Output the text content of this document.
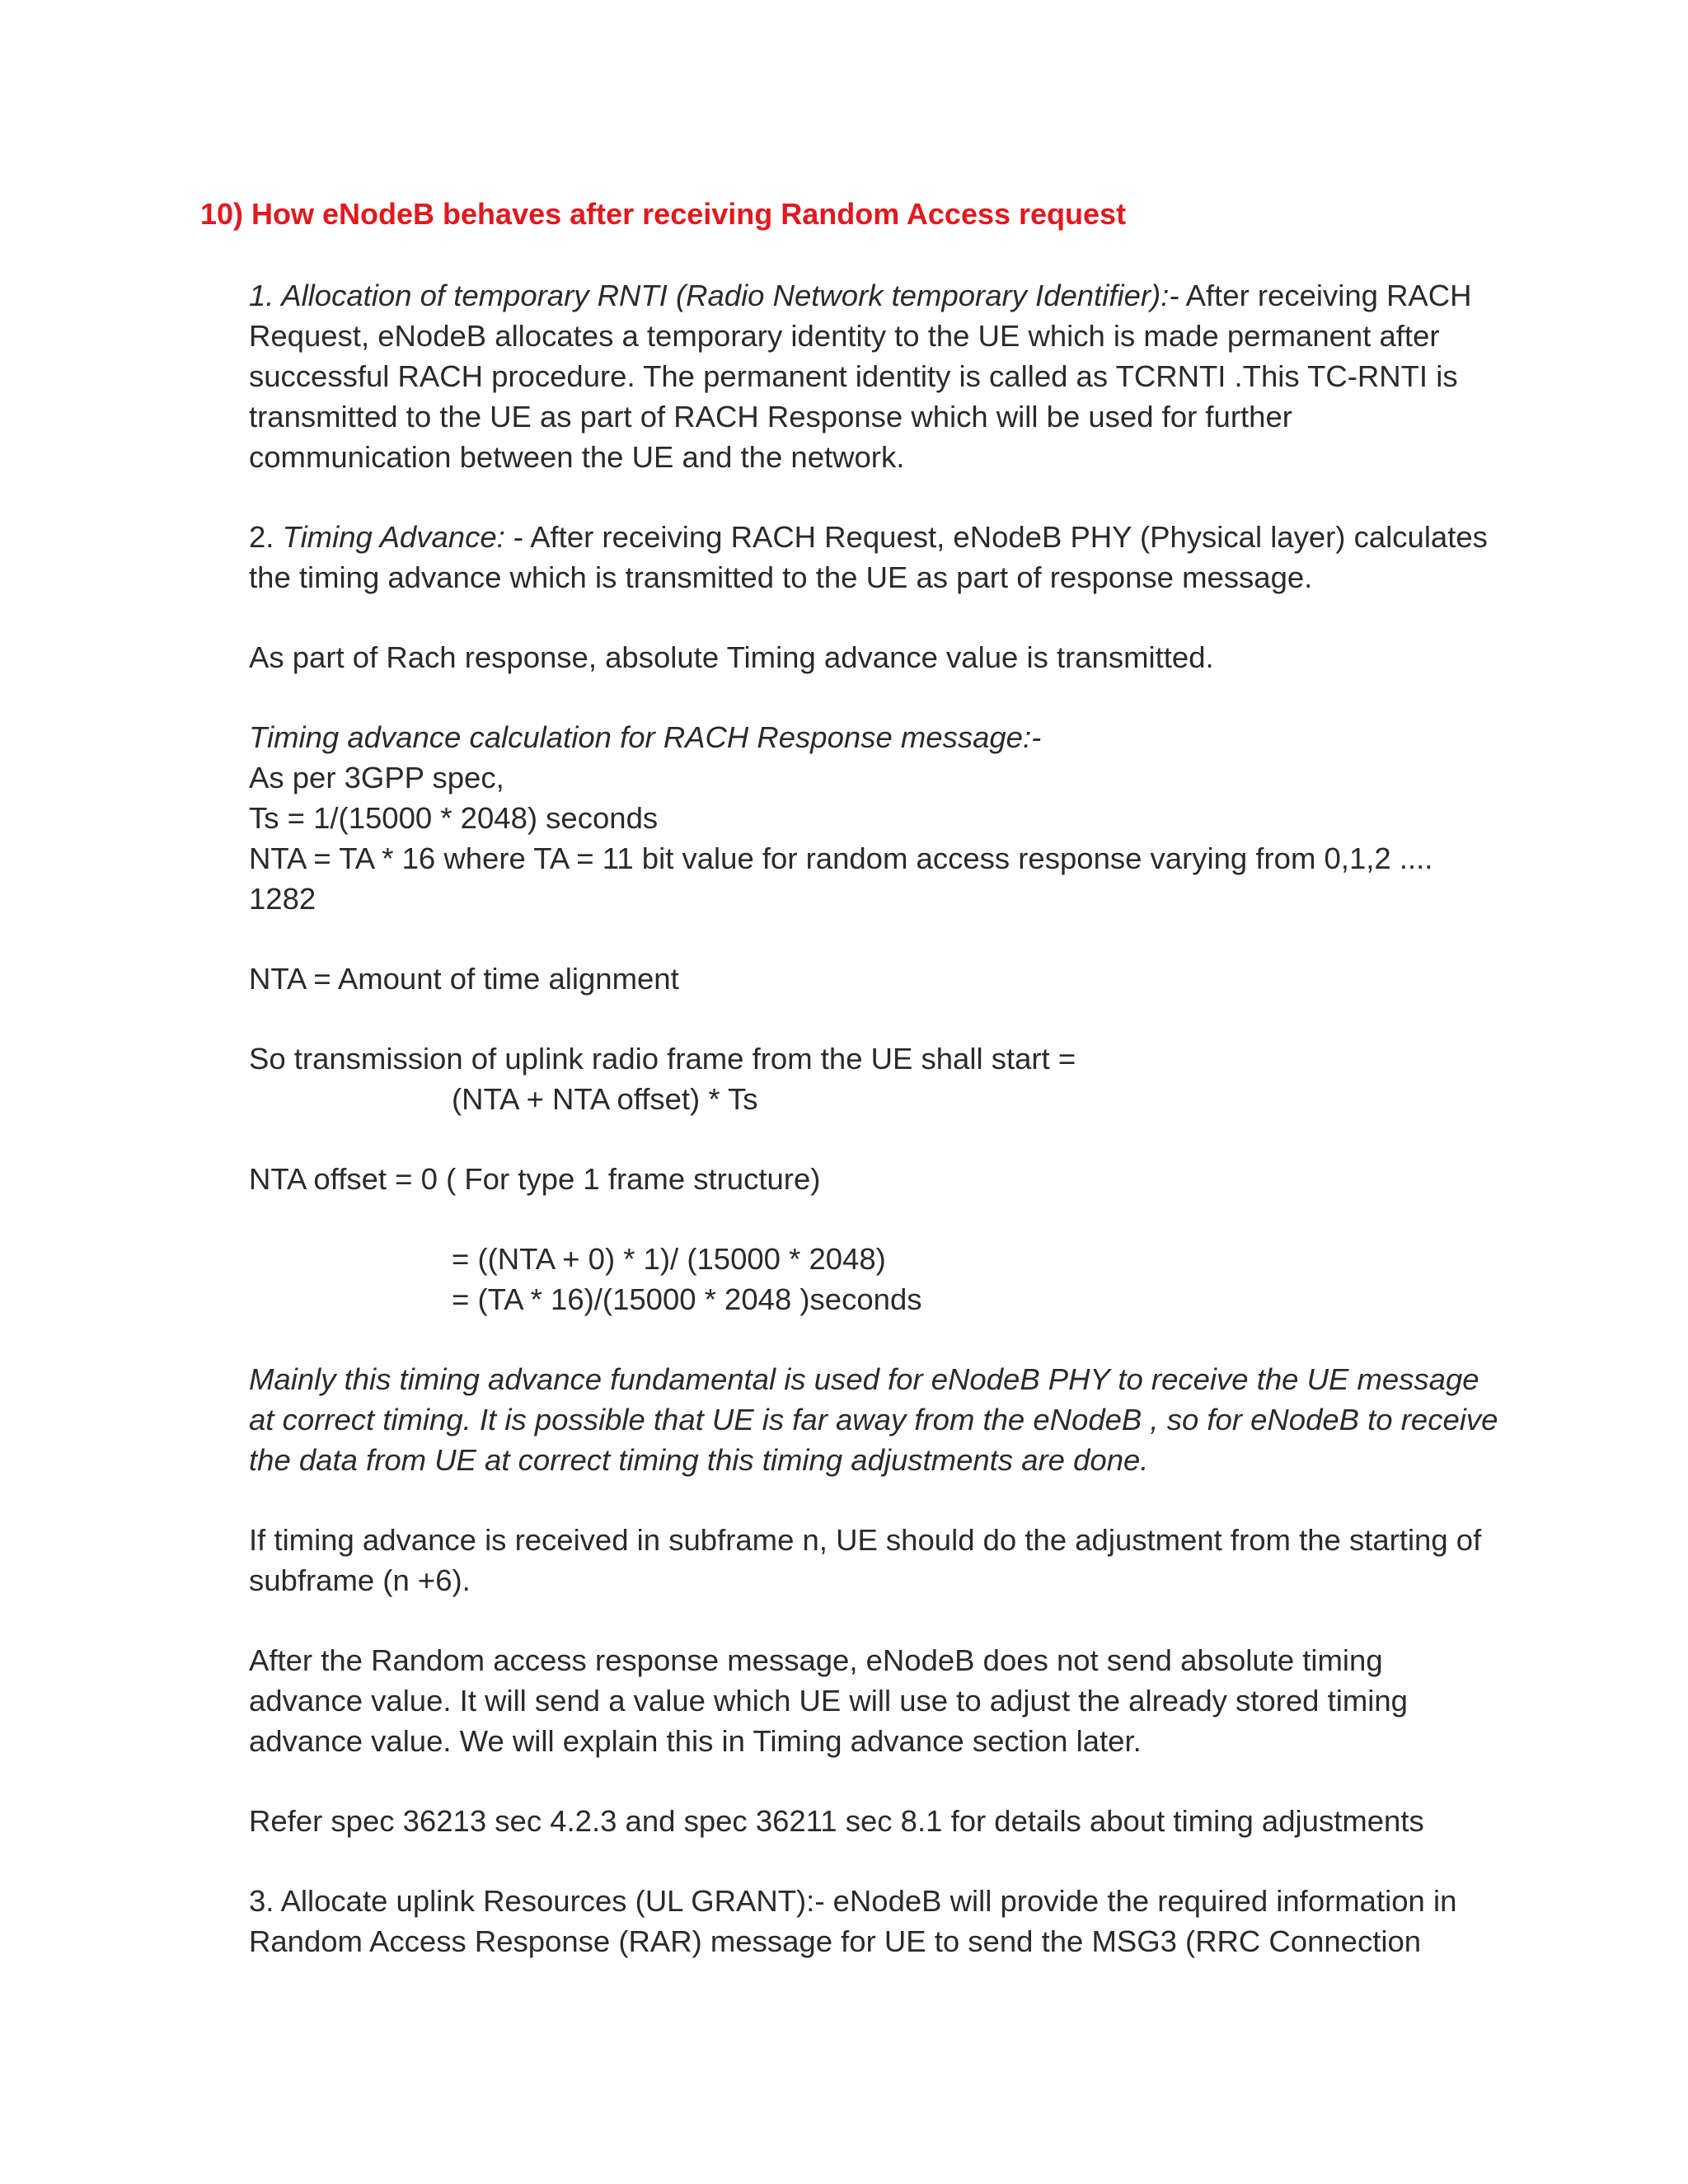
10) How eNodeB behaves after receiving Random Access request

1. Allocation of temporary RNTI (Radio Network temporary Identifier):- After receiving RACH Request, eNodeB allocates a temporary identity to the UE which is made permanent after successful RACH procedure. The permanent identity is called as TCRNTI .This TC-RNTI is transmitted to the UE as part of RACH Response which will be used for further communication between the UE and the network.

2. Timing Advance: - After receiving RACH Request, eNodeB PHY (Physical layer) calculates the timing advance which is transmitted to the UE as part of response message.

As part of Rach response, absolute Timing advance value is transmitted.

Timing advance calculation for RACH Response message:-
As per 3GPP spec,
Ts = 1/(15000 * 2048) seconds
NTA = TA * 16 where TA = 11 bit value for random access response varying from 0,1,2 .... 1282

NTA = Amount of time alignment

So transmission of uplink radio frame from the UE shall start =
(NTA + NTA offset) * Ts

NTA offset = 0 ( For type 1 frame structure)

= ((NTA + 0) * 1)/ (15000 * 2048)
= (TA * 16)/(15000 * 2048 )seconds

Mainly this timing advance fundamental is used for eNodeB PHY to receive the UE message at correct timing. It is possible that UE is far away from the eNodeB , so for eNodeB to receive the data from UE at correct timing this timing adjustments are done.

If timing advance is received in subframe n, UE should do the adjustment from the starting of subframe (n +6).

After the Random access response message, eNodeB does not send absolute timing advance value. It will send a value which UE will use to adjust the already stored timing advance value. We will explain this in Timing advance section later.

Refer spec 36213 sec 4.2.3 and spec 36211 sec 8.1 for details about timing adjustments

3. Allocate uplink Resources (UL GRANT):- eNodeB will provide the required information in Random Access Response (RAR) message for UE to send the MSG3 (RRC Connection
